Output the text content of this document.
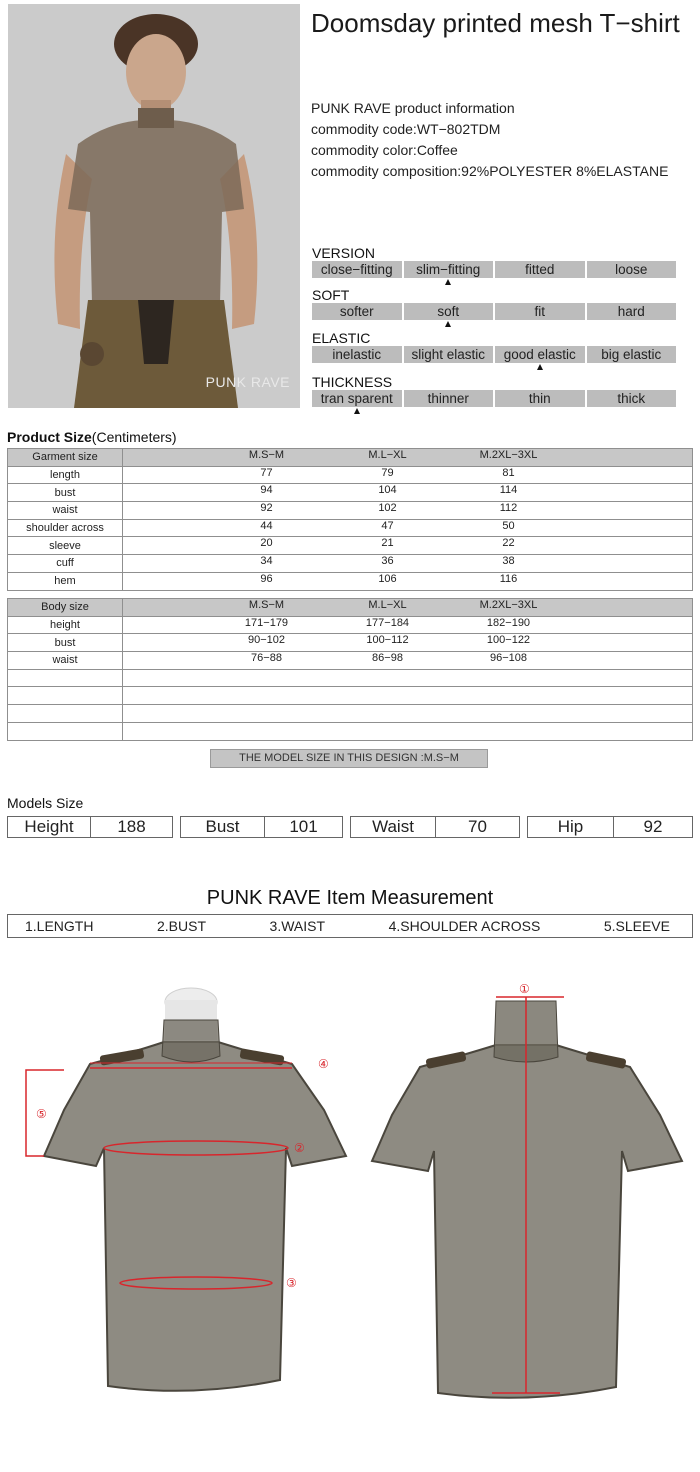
PUNK RAVE
Doomsday printed mesh T−shirt
PUNK RAVE product information
commodity code:WT−802TDM
commodity color:Coffee
commodity composition:92%POLYESTER 8%ELASTANE
VERSION
close−fitting	slim−fitting	fitted	loose
SOFT
softer	soft	fit	hard
ELASTIC
inelastic	slight elastic	good elastic	big elastic
THICKNESS
tran sparent	thinner	thin	thick
Product Size(Centimeters)
Garment size	M.S−M M.L−XL M.2XL−3XL

length	77 79 81

bust	94 104 114

waist	92 102 112

shoulder across	44 47 50

sleeve	20 21 22

cuff	34 36 38

hem	96 106 116
Body size	M.S−M M.L−XL M.2XL−3XL

height	171−179 177−184 182−190

bust	90−102 100−112 100−122

waist	76−88 86−98 96−108

THE MODEL SIZE IN THIS DESIGN :M.S−M
Models Size
Height	188	Bust	101	Waist	70	Hip	92
PUNK RAVE Item Measurement
1.LENGTH	2.BUST	3.WAIST	4.SHOULDER ACROSS	5.SLEEVE
②
③
④
⑤
①
